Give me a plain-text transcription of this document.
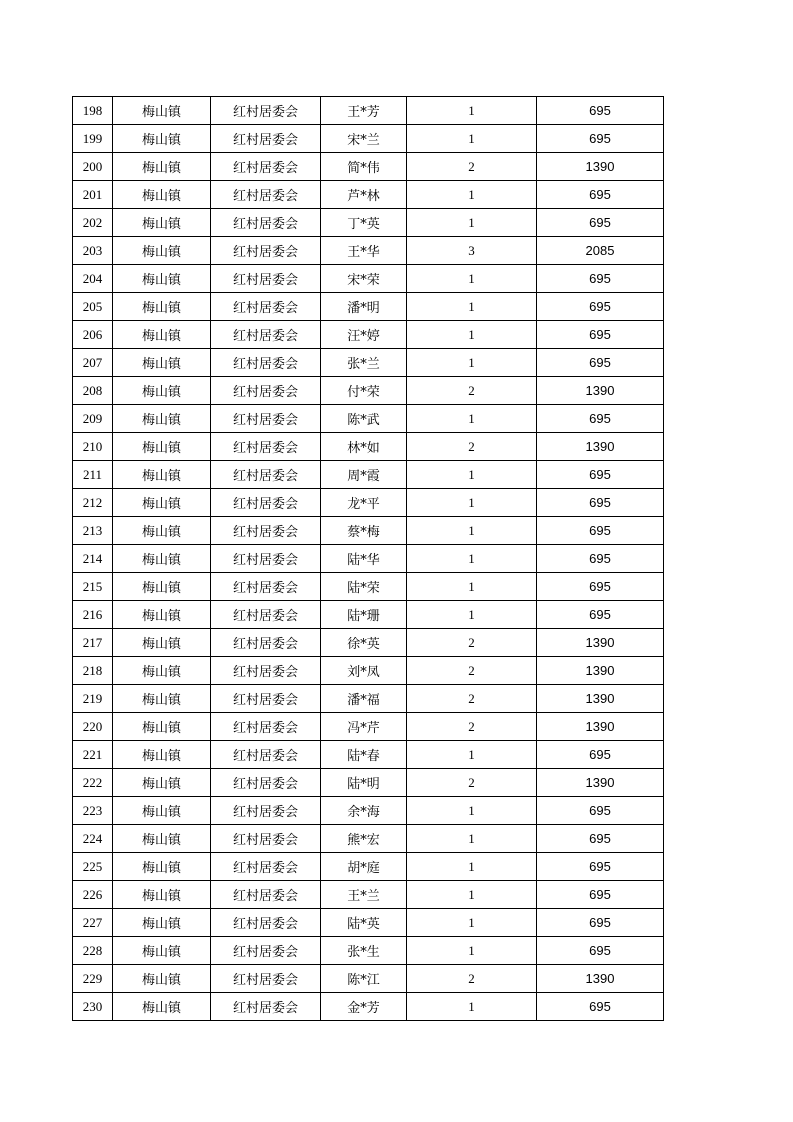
198	梅山镇	红村居委会	王*芳	1	695
199	梅山镇	红村居委会	宋*兰	1	695
200	梅山镇	红村居委会	简*伟	2	1390
201	梅山镇	红村居委会	芦*林	1	695
202	梅山镇	红村居委会	丁*英	1	695
203	梅山镇	红村居委会	王*华	3	2085
204	梅山镇	红村居委会	宋*荣	1	695
205	梅山镇	红村居委会	潘*明	1	695
206	梅山镇	红村居委会	汪*婷	1	695
207	梅山镇	红村居委会	张*兰	1	695
208	梅山镇	红村居委会	付*荣	2	1390
209	梅山镇	红村居委会	陈*武	1	695
210	梅山镇	红村居委会	林*如	2	1390
211	梅山镇	红村居委会	周*霞	1	695
212	梅山镇	红村居委会	龙*平	1	695
213	梅山镇	红村居委会	蔡*梅	1	695
214	梅山镇	红村居委会	陆*华	1	695
215	梅山镇	红村居委会	陆*荣	1	695
216	梅山镇	红村居委会	陆*珊	1	695
217	梅山镇	红村居委会	徐*英	2	1390
218	梅山镇	红村居委会	刘*凤	2	1390
219	梅山镇	红村居委会	潘*福	2	1390
220	梅山镇	红村居委会	冯*芹	2	1390
221	梅山镇	红村居委会	陆*春	1	695
222	梅山镇	红村居委会	陆*明	2	1390
223	梅山镇	红村居委会	余*海	1	695
224	梅山镇	红村居委会	熊*宏	1	695
225	梅山镇	红村居委会	胡*庭	1	695
226	梅山镇	红村居委会	王*兰	1	695
227	梅山镇	红村居委会	陆*英	1	695
228	梅山镇	红村居委会	张*生	1	695
229	梅山镇	红村居委会	陈*江	2	1390
230	梅山镇	红村居委会	金*芳	1	695
